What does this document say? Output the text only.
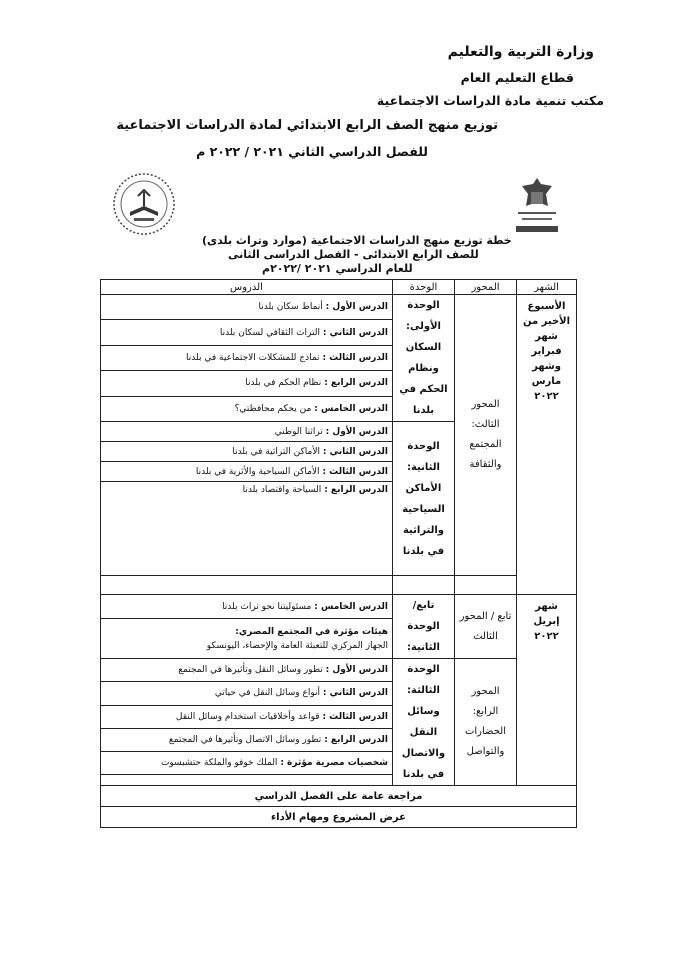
وزارة التربية والتعليم
قطاع التعليم العام
مكتب تنمية مادة الدراسات الاجتماعية
توزيع منهج الصف الرابع الابتدائي لمادة الدراسات الاجتماعية
للفصل الدراسي الثاني ٢٠٢١ / ٢٠٢٢ م
خطة توزيع منهج الدراسات الاجتماعية (موارد وتراث بلدى)
للصف الرابع الابتدائى - الفصل الدراسى الثانى
للعام الدراسي ٢٠٢١ /٢٠٢٢م
الشهر	المحور	الوحدة	الدروس
الأسبوع الأخير من شهر فبراير وشهر مارس ٢٠٢٢	المحور الثالث: المجتمع والثقافة	الوحدة الأولى: السكان ونظام الحكم في بلدنا	الدرس الأول : أنماط سكان بلدنا
			الدرس الثاني : التراث الثقافي لسكان بلدنا
			الدرس الثالث : نماذج للمشكلات الاجتماعية في بلدنا
			الدرس الرابع : نظام الحكم في بلدنا
			الدرس الخامس : من يحكم محافظتي؟
		الوحدة الثانية: الأماكن السياحية والتراثية في بلدنا	الدرس الأول : تراثنا الوطني
			الدرس الثاني : الأماكن التراثية في بلدنا
			الدرس الثالث : الأماكن السياحية والأثرية في بلدنا
			الدرس الرابع : السياحة واقتصاد بلدنا

شهر إبريل ٢٠٢٢	تابع / المحور الثالث	تابع/ الوحدة الثانية:	الدرس الخامس : مسئوليتنا نحو تراث بلدنا
			هيئات مؤثرة في المجتمع المصري:
الجهاز المركزي للتعبئة العامة والإحصاء، اليونسكو
	المحور الرابع: الحضارات والتواصل	الوحدة الثالثة: وسائل النقل والاتصال في بلدنا	الدرس الأول : تطور وسائل النقل وتأثيرها في المجتمع
			الدرس الثاني : أنواع وسائل النقل في حياتي
			الدرس الثالث : قواعد وأخلاقيات استخدام وسائل النقل
			الدرس الرابع : تطور وسائل الاتصال وتأثيرها في المجتمع
			شخصيات مصرية مؤثرة : الملك خوفو والملكة حتشبسوت

مراجعة عامة على الفصل الدراسي			
عرض المشروع ومهام الأداء			
